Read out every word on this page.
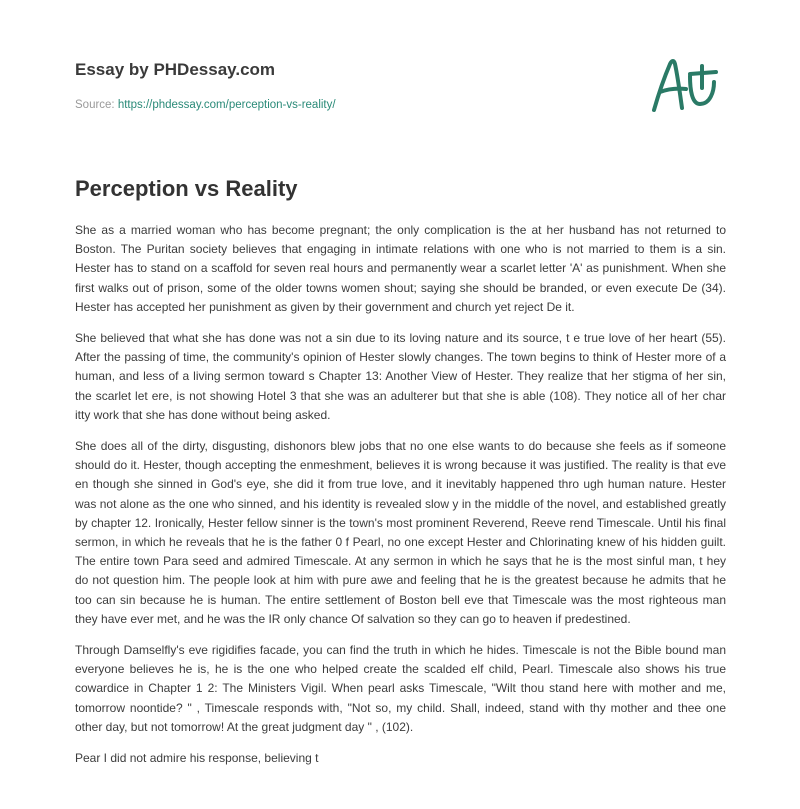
Essay by PHDessay.com
Source: https://phdessay.com/perception-vs-reality/
Perception vs Reality

She as a married woman who has become pregnant; the only complication is the at her husband has not returned to Boston. The Puritan society believes that engaging in intimate relations with one who is not married to them is a sin. Hester has to stand on a scaffold for seven real hours and permanently wear a scarlet letter 'A' as punishment. When she first walks out of prison, some of the older towns women shout; saying she should be branded, or even execute De (34). Hester has accepted her punishment as given by their government and church yet reject De it.

She believed that what she has done was not a sin due to its loving nature and its source, t e true love of her heart (55). After the passing of time, the community's opinion of Hester slowly changes. The town begins to think of Hester more of a human, and less of a living sermon toward s Chapter 13: Another View of Hester. They realize that her stigma of her sin, the scarlet let ere, is not showing Hotel 3 that she was an adulterer but that she is able (108). They notice all of her char itty work that she has done without being asked.

She does all of the dirty, disgusting, dishonors blew jobs that no one else wants to do because she feels as if someone should do it. Hester, though accepting the enmeshment, believes it is wrong because it was justified. The reality is that eve en though she sinned in God's eye, she did it from true love, and it inevitably happened thro ugh human nature. Hester was not alone as the one who sinned, and his identity is revealed slow y in the middle of the novel, and established greatly by chapter 12. Ironically, Hester fellow sinner is the town's most prominent Reverend, Reeve rend Timescale. Until his final sermon, in which he reveals that he is the father 0 f Pearl, no one except Hester and Chlorinating knew of his hidden guilt. The entire town Para seed and admired Timescale. At any sermon in which he says that he is the most sinful man, t hey do not question him. The people look at him with pure awe and feeling that he is the greatest because he admits that he too can sin because he is human. The entire settlement of Boston bell eve that Timescale was the most righteous man they have ever met, and he was the IR only chance Of salvation so they can go to heaven if predestined.

Through Damselfly's eve rigidifies facade, you can find the truth in which he hides. Timescale is not the Bible bound man everyone believes he is, he is the one who helped create the scalded elf child, Pearl. Timescale also shows his true cowardice in Chapter 1 2: The Ministers Vigil. When pearl asks Timescale, "Wilt thou stand here with mother and me, tomorrow noontide? " , Timescale responds with, "Not so, my child. Shall, indeed, stand with thy mother and thee one other day, but not tomorrow! At the great judgment day " , (102).

Pear I did not admire his response, believing t
